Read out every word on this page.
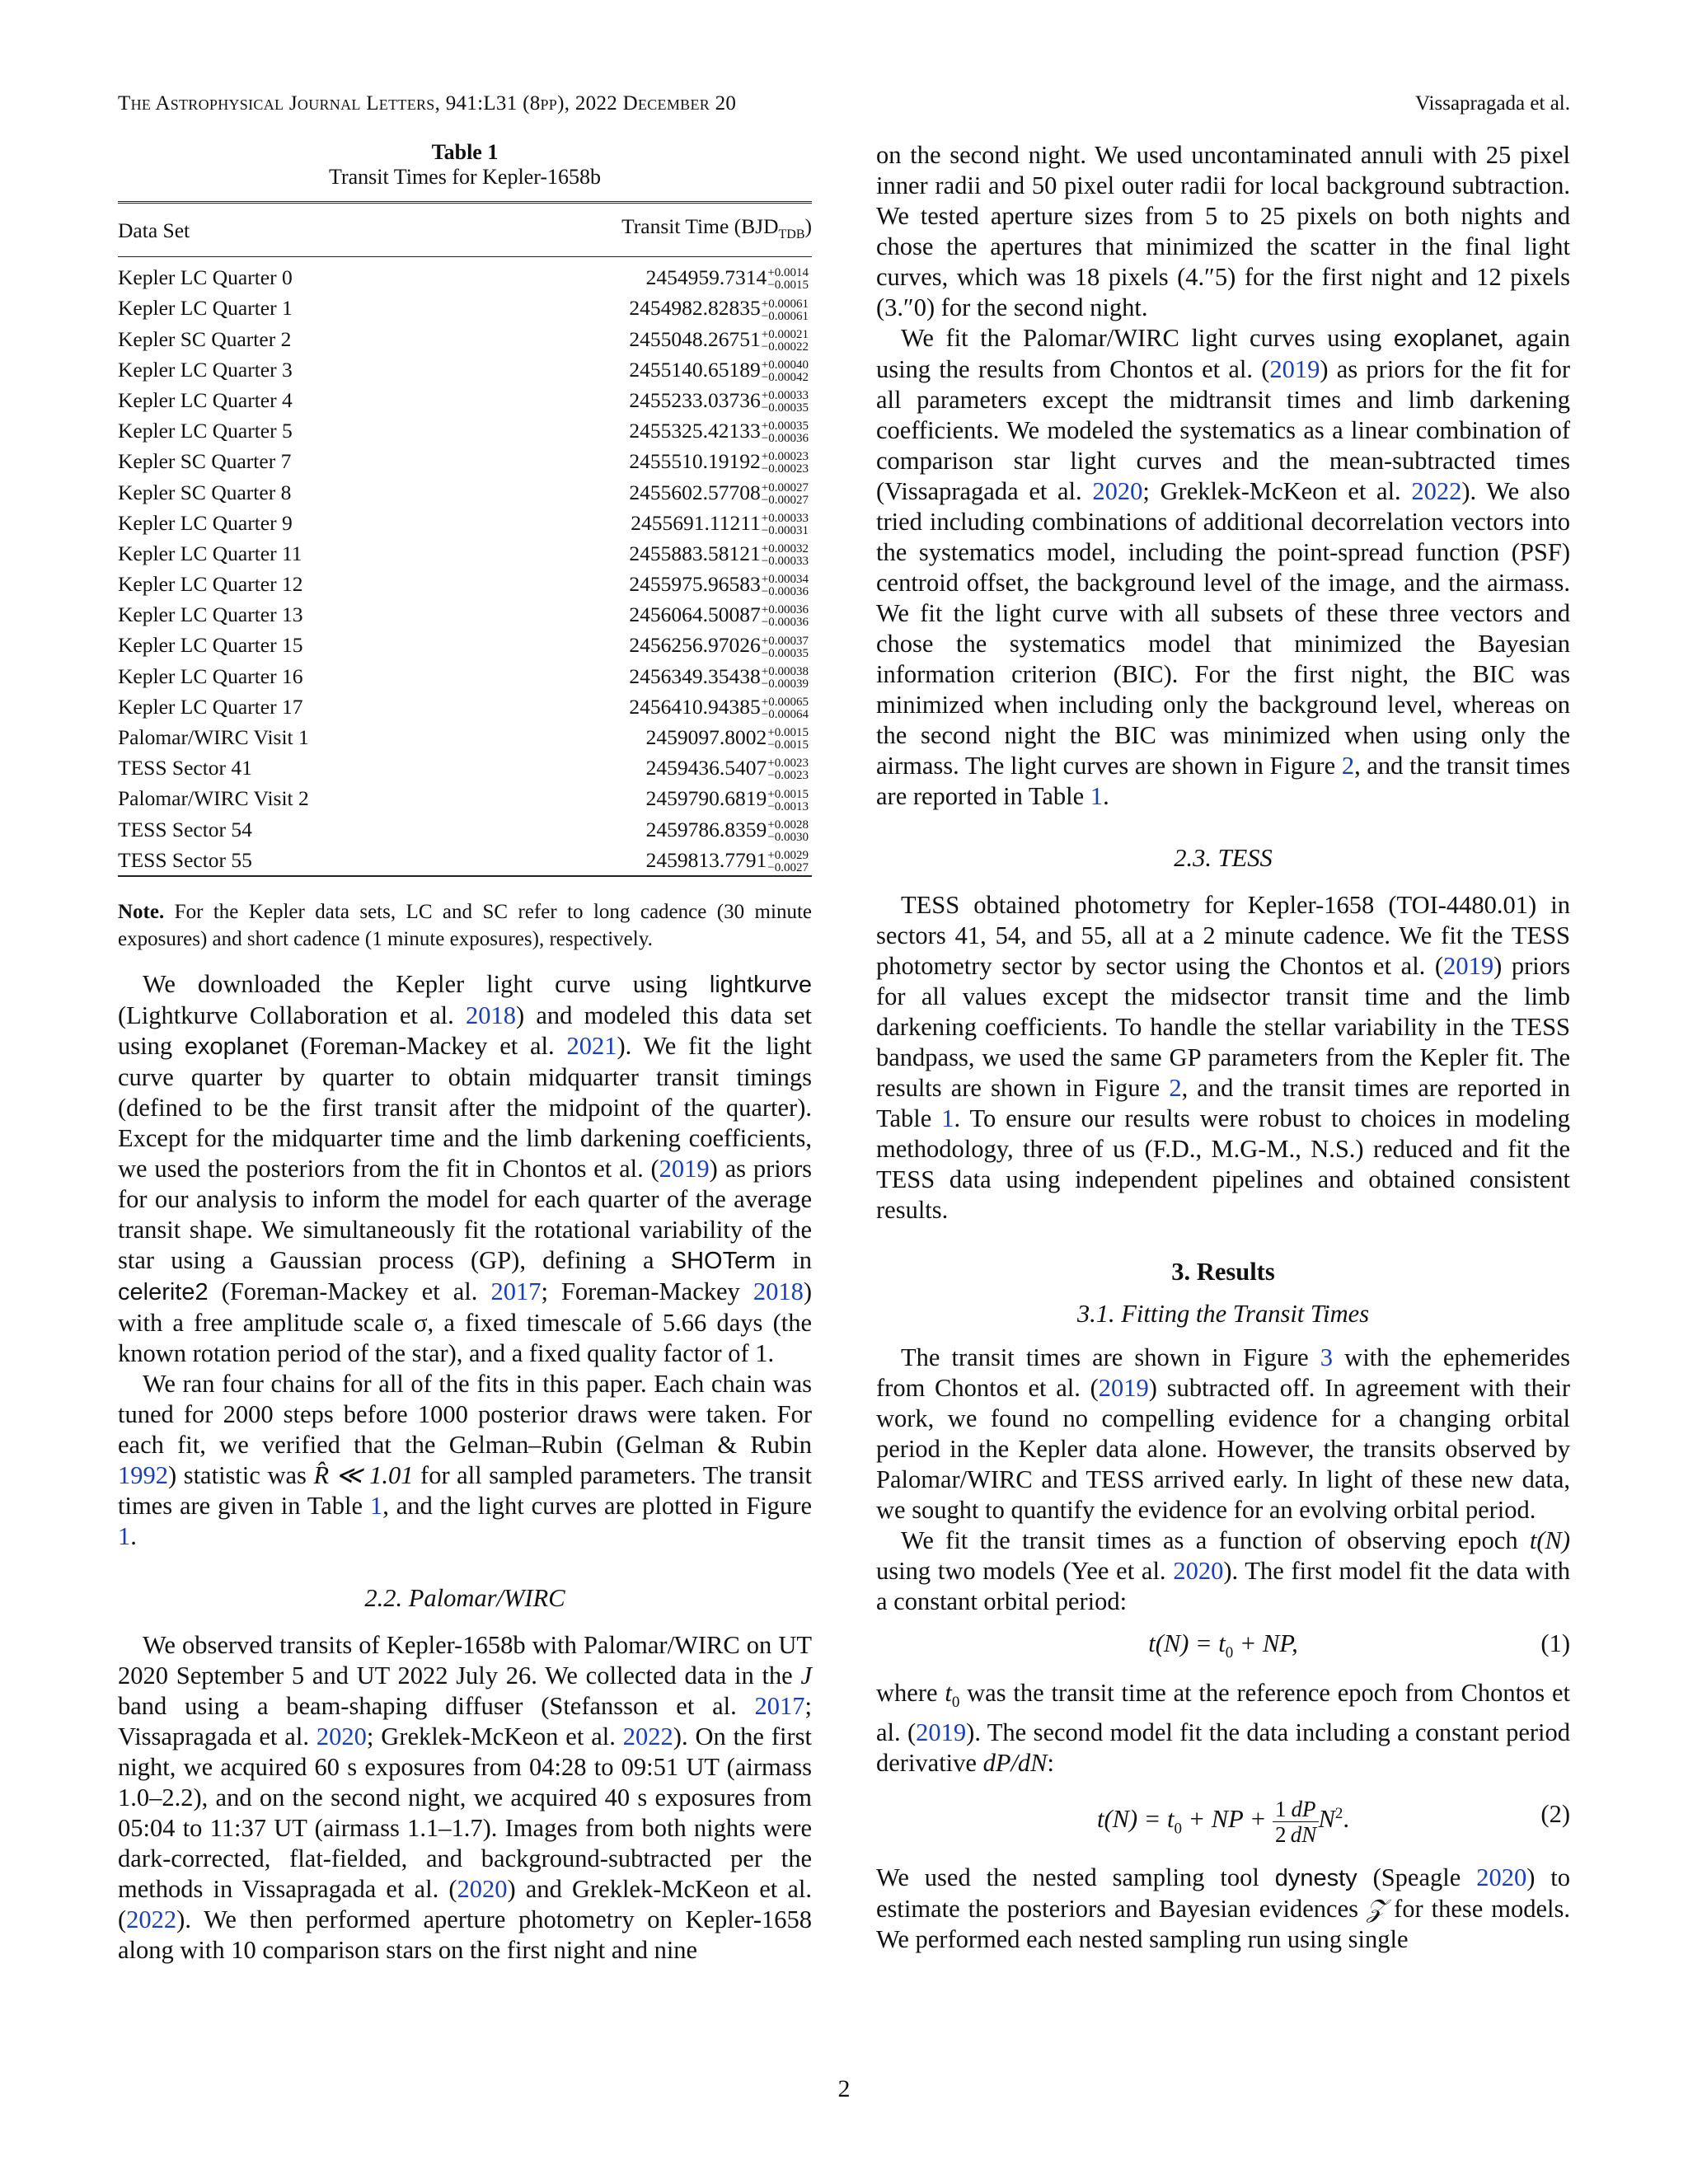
The Astrophysical Journal Letters, 941:L31 (8pp), 2022 December 20	Vissapragada et al.
Table 1
Transit Times for Kepler-1658b
Data Set	Transit Time $(BJD_{TDB})$
Kepler LC Quarter 0	2454959.7314 +0.0014
−0.0015

Kepler LC Quarter 1	2454982.82835 +0.00061
−0.00061

Kepler SC Quarter 2	2455048.26751 +0.00021
−0.00022

Kepler LC Quarter 3	2455140.65189 +0.00040
−0.00042

Kepler LC Quarter 4	2455233.03736 +0.00033
−0.00035

Kepler LC Quarter 5	2455325.42133 +0.00035
−0.00036

Kepler SC Quarter 7	2455510.19192 +0.00023
−0.00023

Kepler SC Quarter 8	2455602.57708 +0.00027
−0.00027

Kepler LC Quarter 9	2455691.11211 +0.00033
−0.00031

Kepler LC Quarter 11	2455883.58121 +0.00032
−0.00033

Kepler LC Quarter 12	2455975.96583 +0.00034
−0.00036

Kepler LC Quarter 13	2456064.50087 +0.00036
−0.00036

Kepler LC Quarter 15	2456256.97026 +0.00037
−0.00035

Kepler LC Quarter 16	2456349.35438 +0.00038
−0.00039

Kepler LC Quarter 17	2456410.94385 +0.00065
−0.00064

Palomar/WIRC Visit 1	2459097.8002 +0.0015
−0.0015

TESS Sector 41	2459436.5407 +0.0023
−0.0023

Palomar/WIRC Visit 2	2459790.6819 +0.0015
−0.0013

TESS Sector 54	2459786.8359 +0.0028
−0.0030

TESS Sector 55	2459813.7791 +0.0029
−0.0027
Note. For the Kepler data sets, LC and SC refer to long cadence (30 minute exposures) and short cadence (1 minute exposures), respectively.

We downloaded the Kepler light curve using lightkurve (Lightkurve Collaboration et al. 2018) and modeled this data set using exoplanet (Foreman-Mackey et al. 2021). We fit the light curve quarter by quarter to obtain midquarter transit timings (defined to be the first transit after the midpoint of the quarter). Except for the midquarter time and the limb darkening coefficients, we used the posteriors from the fit in Chontos et al. (2019) as priors for our analysis to inform the model for each quarter of the average transit shape. We simultaneously fit the rotational variability of the star using a Gaussian process (GP), defining a SHOTerm in celerite2 (Foreman-Mackey et al. 2017; Foreman-Mackey 2018) with a free amplitude scale σ, a fixed timescale of 5.66 days (the known rotation period of the star), and a fixed quality factor of 1.

We ran four chains for all of the fits in this paper. Each chain was tuned for 2000 steps before 1000 posterior draws were taken. For each fit, we verified that the Gelman–Rubin (Gelman & Rubin 1992) statistic was R̂ ≪ 1.01 for all sampled parameters. The transit times are given in Table 1, and the light curves are plotted in Figure 1.

2.2. Palomar/WIRC

We observed transits of Kepler-1658b with Palomar/WIRC on UT 2020 September 5 and UT 2022 July 26. We collected data in the J band using a beam-shaping diffuser (Stefansson et al. 2017; Vissapragada et al. 2020; Greklek-McKeon et al. 2022). On the first night, we acquired 60 s exposures from 04:28 to 09:51 UT (airmass 1.0–2.2), and on the second night, we acquired 40 s exposures from 05:04 to 11:37 UT (airmass 1.1–1.7). Images from both nights were dark-corrected, flat-fielded, and background-subtracted per the methods in Vissapragada et al. (2020) and Greklek-McKeon et al. (2022). We then performed aperture photometry on Kepler-1658 along with 10 comparison stars on the first night and nine

on the second night. We used uncontaminated annuli with 25 pixel inner radii and 50 pixel outer radii for local background subtraction. We tested aperture sizes from 5 to 25 pixels on both nights and chose the apertures that minimized the scatter in the final light curves, which was 18 pixels (4.″5) for the first night and 12 pixels (3.″0) for the second night.

We fit the Palomar/WIRC light curves using exoplanet, again using the results from Chontos et al. (2019) as priors for the fit for all parameters except the midtransit times and limb darkening coefficients. We modeled the systematics as a linear combination of comparison star light curves and the mean-subtracted times (Vissapragada et al. 2020; Greklek-McKeon et al. 2022). We also tried including combinations of additional decorrelation vectors into the systematics model, including the point-spread function (PSF) centroid offset, the background level of the image, and the airmass. We fit the light curve with all subsets of these three vectors and chose the systematics model that minimized the Bayesian information criterion (BIC). For the first night, the BIC was minimized when including only the background level, whereas on the second night the BIC was minimized when using only the airmass. The light curves are shown in Figure 2, and the transit times are reported in Table 1.

2.3. TESS

TESS obtained photometry for Kepler-1658 (TOI-4480.01) in sectors 41, 54, and 55, all at a 2 minute cadence. We fit the TESS photometry sector by sector using the Chontos et al. (2019) priors for all values except the midsector transit time and the limb darkening coefficients. To handle the stellar variability in the TESS bandpass, we used the same GP parameters from the Kepler fit. The results are shown in Figure 2, and the transit times are reported in Table 1. To ensure our results were robust to choices in modeling methodology, three of us (F.D., M.G-M., N.S.) reduced and fit the TESS data using independent pipelines and obtained consistent results.

3. Results
3.1. Fitting the Transit Times

The transit times are shown in Figure 3 with the ephemerides from Chontos et al. (2019) subtracted off. In agreement with their work, we found no compelling evidence for a changing orbital period in the Kepler data alone. However, the transits observed by Palomar/WIRC and TESS arrived early. In light of these new data, we sought to quantify the evidence for an evolving orbital period.

We fit the transit times as a function of observing epoch t(N) using two models (Yee et al. 2020). The first model fit the data with a constant orbital period:

$t(N) = t_0$ + NP,	(1)

where $t_0$ was the transit time at the reference epoch from Chontos et al. (2019). The second model fit the data including a constant period derivative dP/dN:

$t(N) = t_0$ + NP + $\frac{1}{2} \frac{dP}{dN} N^2$.	(2)

We used the nested sampling tool dynesty (Speagle 2020) to estimate the posteriors and Bayesian evidences 𝒵 for these models. We performed each nested sampling run using single

2
